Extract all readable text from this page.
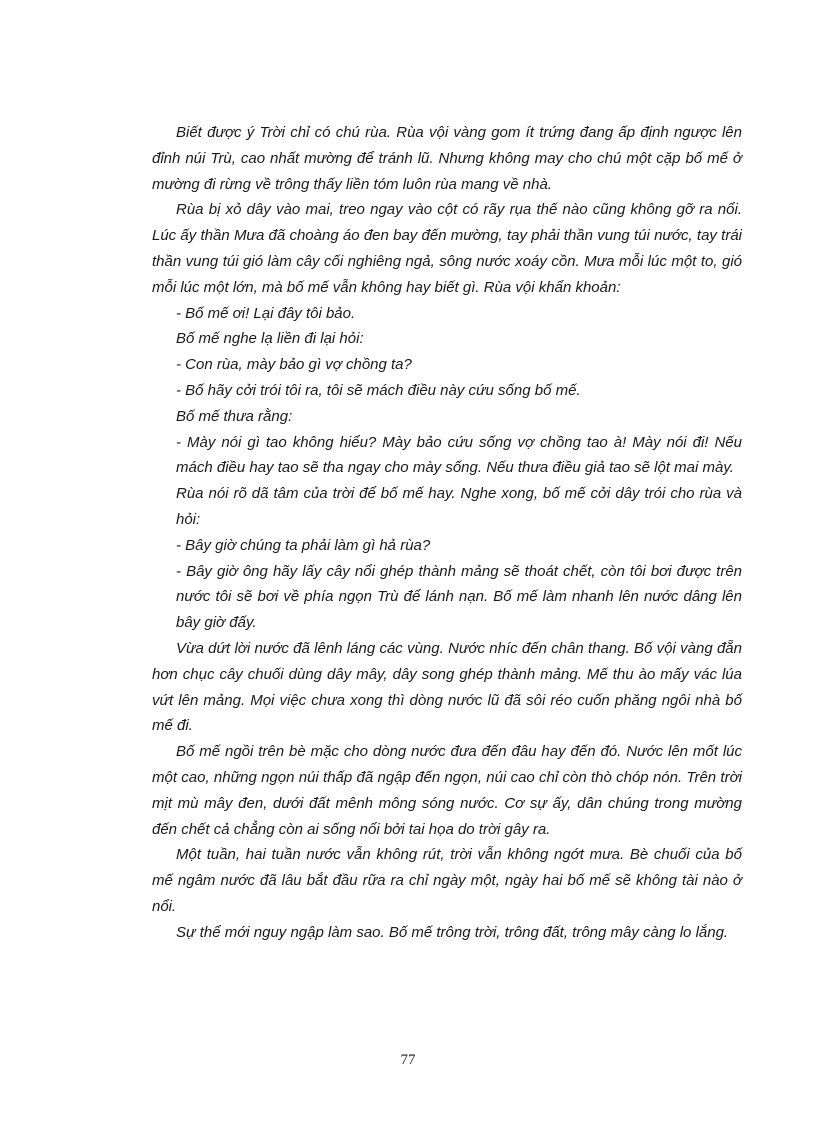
Biết được ý Trời chỉ có chú rùa. Rùa vội vàng gom ít trứng đang ấp định ngược lên đỉnh núi Trù, cao nhất mường để tránh lũ. Nhưng không may cho chú một cặp bố mế ở mường đi rừng về trông thấy liền tóm luôn rùa mang về nhà.

Rùa bị xỏ dây vào mai, treo ngay vào cột có rãy rụa thế nào cũng không gỡ ra nổi. Lúc ấy thần Mưa đã choàng áo đen bay đến mường, tay phải thần vung túi nước, tay trái thần vung túi gió làm cây cối nghiêng ngả, sông nước xoáy cồn. Mưa mỗi lúc một to, gió mỗi lúc một lớn, mà bố mế vẫn không hay biết gì. Rùa vội khẩn khoản:

- Bố mế ơi! Lại đây tôi bảo.

Bố mế nghe lạ liền đi lại hỏi:

- Con rùa, mày bảo gì vợ chồng ta?

- Bố hãy cởi trói tôi ra, tôi sẽ mách điều này cứu sống bố mế.

Bố mế thưa rằng:

- Mày nói gì tao không hiểu? Mày bảo cứu sống vợ chồng tao à! Mày nói đi! Nếu mách điều hay tao sẽ tha ngay cho mày sống. Nếu thưa điều giả tao sẽ lột mai mày.

Rùa nói rõ dã tâm của trời để bố mế hay. Nghe xong, bố mế cởi dây trói cho rùa và hỏi:

- Bây giờ chúng ta phải làm gì hả rùa?

- Bây giờ ông hãy lấy cây nổi ghép thành mảng sẽ thoát chết, còn tôi bơi được trên nước tôi sẽ bơi về phía ngọn Trù để lánh nạn. Bố mế làm nhanh lên nước dâng lên bây giờ đấy.

Vừa dứt lời nước đã lênh láng các vùng. Nước nhíc đến chân thang. Bố vội vàng đẵn hơn chục cây chuối dùng dây mây, dây song ghép thành mảng. Mế thu ào mấy vác lúa vứt lên mảng. Mọi việc chưa xong thì dòng nước lũ đã sôi réo cuốn phăng ngôi nhà bố mế đi.

Bố mế ngồi trên bè mặc cho dòng nước đưa đến đâu hay đến đó. Nước lên mốt lúc một cao, những ngọn núi thấp đã ngập đến ngọn, núi cao chỉ còn thò chóp nón. Trên trời mịt mù mây đen, dưới đất mênh mông sóng nước. Cơ sự ấy, dân chúng trong mường đến chết cả chẳng còn ai sống nổi bởi tai họa do trời gây ra.

Một tuần, hai tuần nước vẫn không rút, trời vẫn không ngớt mưa. Bè chuối của bố mế ngâm nước đã lâu bắt đầu rữa ra chỉ ngày một, ngày hai bố mế sẽ không tài nào ở nổi.

Sự thể mới nguy ngập làm sao. Bố mế trông trời, trông đất, trông mây càng lo lắng.

77
